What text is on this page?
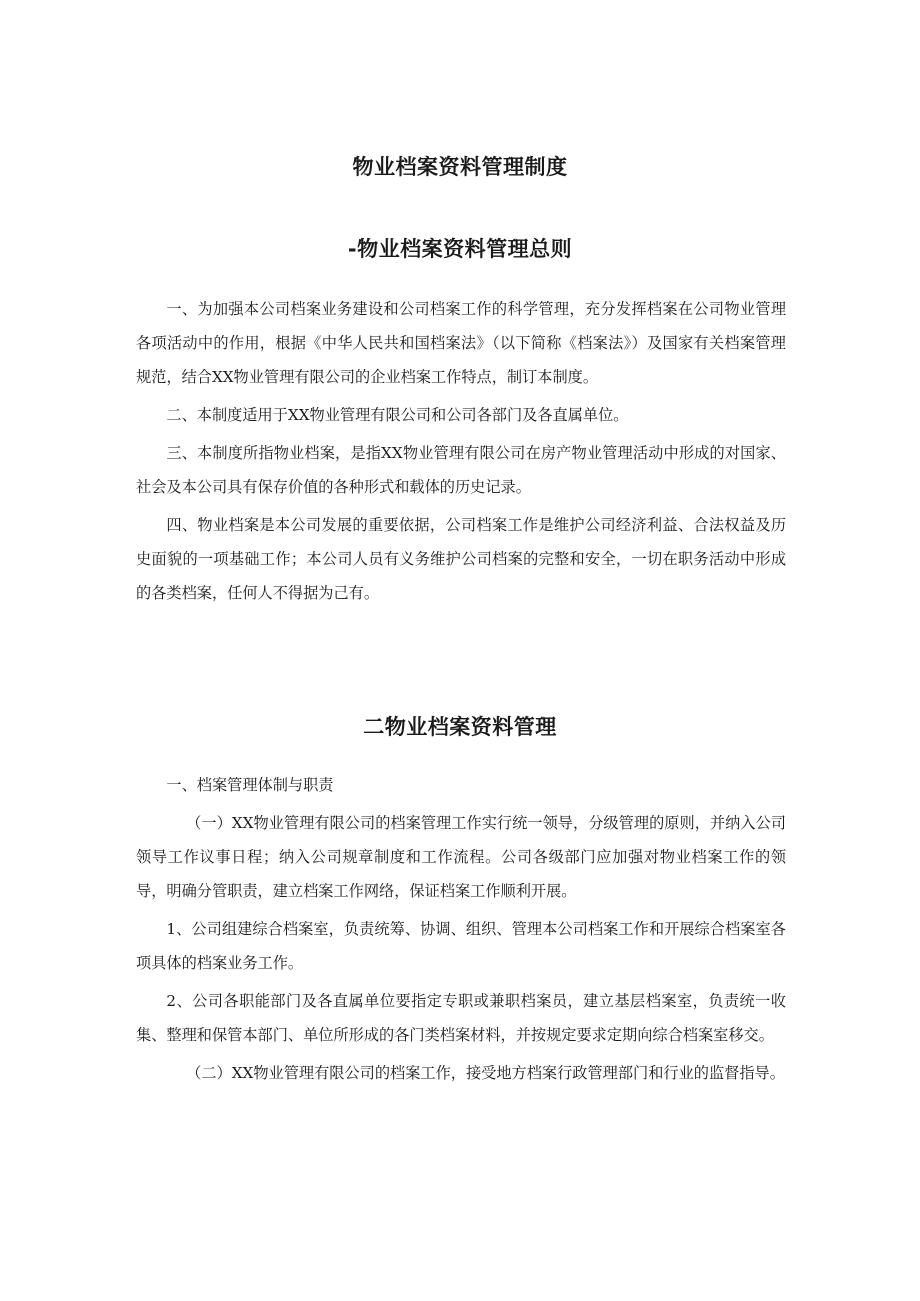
物业档案资料管理制度
-物业档案资料管理总则

一、为加强本公司档案业务建设和公司档案工作的科学管理，充分发挥档案在公司物业管理各项活动中的作用，根据《中华人民共和国档案法》（以下简称《档案法》）及国家有关档案管理规范，结合XX物业管理有限公司的企业档案工作特点，制订本制度。

二、本制度适用于XX物业管理有限公司和公司各部门及各直属单位。

三、本制度所指物业档案，是指XX物业管理有限公司在房产物业管理活动中形成的对国家、社会及本公司具有保存价值的各种形式和载体的历史记录。

四、物业档案是本公司发展的重要依据，公司档案工作是维护公司经济利益、合法权益及历史面貌的一项基础工作；本公司人员有义务维护公司档案的完整和安全，一切在职务活动中形成的各类档案，任何人不得据为己有。

二物业档案资料管理

一、档案管理体制与职责

（一）XX物业管理有限公司的档案管理工作实行统一领导，分级管理的原则，并纳入公司领导工作议事日程；纳入公司规章制度和工作流程。公司各级部门应加强对物业档案工作的领导，明确分管职责，建立档案工作网络，保证档案工作顺利开展。

1、公司组建综合档案室，负责统筹、协调、组织、管理本公司档案工作和开展综合档案室各项具体的档案业务工作。

2、公司各职能部门及各直属单位要指定专职或兼职档案员，建立基层档案室，负责统一收集、整理和保管本部门、单位所形成的各门类档案材料，并按规定要求定期向综合档案室移交。

（二）XX物业管理有限公司的档案工作，接受地方档案行政管理部门和行业的监督指导。
